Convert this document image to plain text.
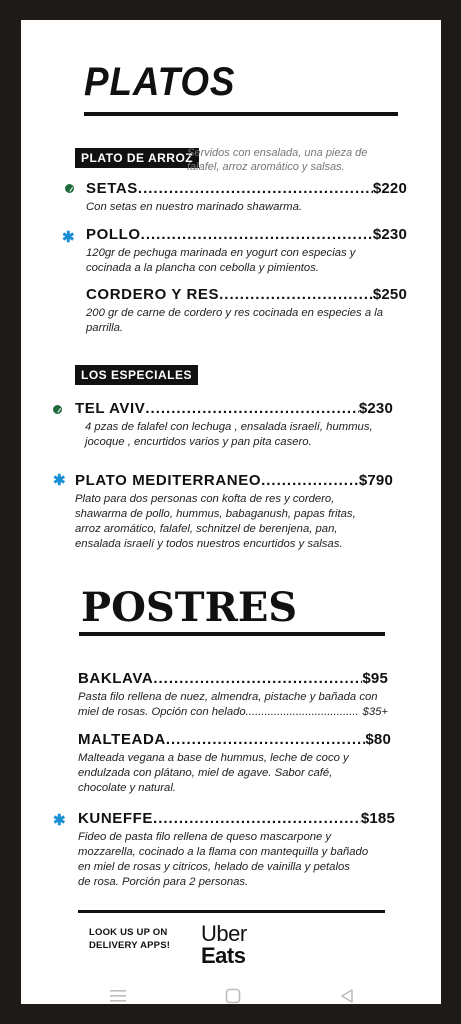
PLATOS
PLATO DE ARROZ
Servidos con ensalada, una pieza de
falafel, arroz aromático y salsas.
SETAS .....	$220
Con setas en nuestro marinado shawarma.
✱ POLLO .....	$230
120gr de pechuga marinada en yogurt con especias y
cocinada a la plancha con cebolla y pimientos.
CORDERO Y RES .....	$250
200 gr de carne de cordero y res cocinada en especies a la
parrilla.
LOS ESPECIALES
TEL AVIV .....	$230
4 pzas de falafel con lechuga , ensalada israelí, hummus,
jocoque , encurtidos varios y pan pita casero.
✱ PLATO MEDITERRANEO .....	$790
Plato para dos personas con kofta de res y cordero,
shawarma de pollo, hummus, babaganush, papas fritas,
arroz aromático, falafel, schnitzel de berenjena, pan,
ensalada israelí y todos nuestros encurtidos y salsas.
POSTRES
BAKLAVA .....	$95
Pasta filo rellena de nuez, almendra, pistache y bañada con
miel de rosas. Opción con helado .....	$35+
MALTEADA .....	$80
Malteada vegana a base de hummus, leche de coco y
endulzada con plátano, miel de agave. Sabor café,
chocolate y natural.
✱ KUNEFFE .....	$185
Fideo de pasta filo rellena de queso mascarpone y
mozzarella, cocinado a la flama con mantequilla y bañado
en miel de rosas y citricos, helado de vainilla y petalos
de rosa. Porción para 2 personas.
LOOK US UP ON
DELIVERY APPS! Uber
Eats
